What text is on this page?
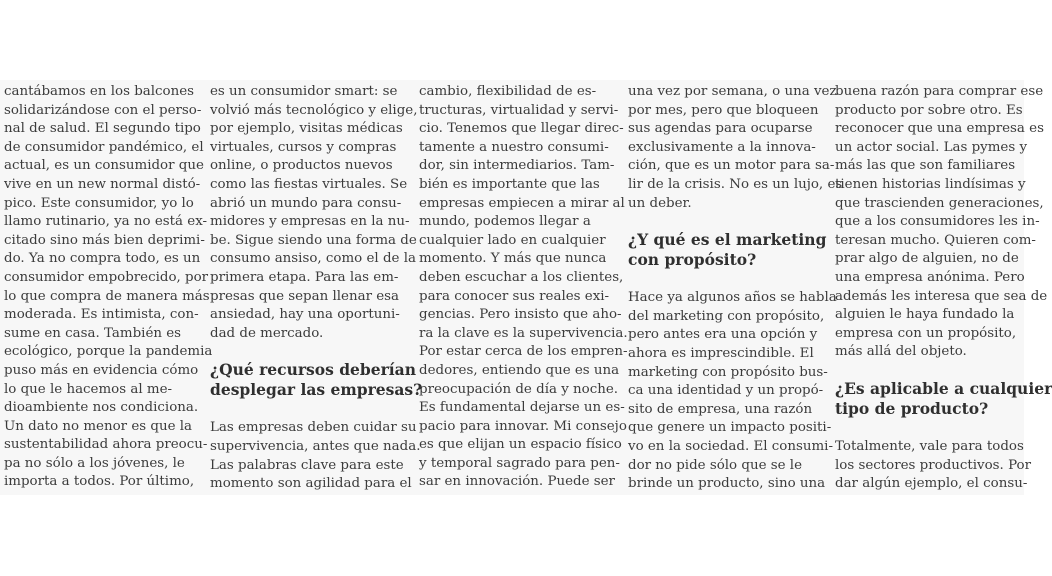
cantábamos en los balcones
solidarizándose con el perso-
nal de salud. El segundo tipo
de consumidor pandémico, el
actual, es un consumidor que
vive en un new normal distó-
pico. Este consumidor, yo lo
llamo rutinario, ya no está ex-
citado sino más bien deprimi-
do. Ya no compra todo, es un
consumidor empobrecido, por
lo que compra de manera más
moderada. Es intimista, con-
sume en casa. También es
ecológico, porque la pandemia
puso más en evidencia cómo
lo que le hacemos al me-
dioambiente nos condiciona.
Un dato no menor es que la
sustentabilidad ahora preocu-
pa no sólo a los jóvenes, le
importa a todos. Por último,

es un consumidor smart: se
volvió más tecnológico y elige,
por ejemplo, visitas médicas
virtuales, cursos y compras
online, o productos nuevos
como las fiestas virtuales. Se
abrió un mundo para consu-
midores y empresas en la nu-
be. Sigue siendo una forma de
consumo ansiso, como el de la
primera etapa. Para las em-
presas que sepan llenar esa
ansiedad, hay una oportuni-
dad de mercado.

¿Qué recursos deberían
desplegar las empresas?

Las empresas deben cuidar su
supervivencia, antes que nada.
Las palabras clave para este
momento son agilidad para el

cambio, flexibilidad de es-
tructuras, virtualidad y servi-
cio. Tenemos que llegar direc-
tamente a nuestro consumi-
dor, sin intermediarios. Tam-
bién es importante que las
empresas empiecen a mirar al
mundo, podemos llegar a
cualquier lado en cualquier
momento. Y más que nunca
deben escuchar a los clientes,
para conocer sus reales exi-
gencias. Pero insisto que aho-
ra la clave es la supervivencia.
Por estar cerca de los empren-
dedores, entiendo que es una
preocupación de día y noche.
Es fundamental dejarse un es-
pacio para innovar. Mi consejo
es que elijan un espacio físico
y temporal sagrado para pen-
sar en innovación. Puede ser

una vez por semana, o una vez
por mes, pero que bloqueen
sus agendas para ocuparse
exclusivamente a la innova-
ción, que es un motor para sa-
lir de la crisis. No es un lujo, es
un deber.

¿Y qué es el marketing
con propósito?

Hace ya algunos años se habla
del marketing con propósito,
pero antes era una opción y
ahora es imprescindible. El
marketing con propósito bus-
ca una identidad y un propó-
sito de empresa, una razón
que genere un impacto positi-
vo en la sociedad. El consumi-
dor no pide sólo que se le
brinde un producto, sino una

buena razón para comprar ese
producto por sobre otro. Es
reconocer que una empresa es
un actor social. Las pymes y
más las que son familiares
tienen historias lindísimas y
que trascienden generaciones,
que a los consumidores les in-
teresan mucho. Quieren com-
prar algo de alguien, no de
una empresa anónima. Pero
además les interesa que sea de
alguien le haya fundado la
empresa con un propósito,
más allá del objeto.

¿Es aplicable a cualquier
tipo de producto?

Totalmente, vale para todos
los sectores productivos. Por
dar algún ejemplo, el consu-
